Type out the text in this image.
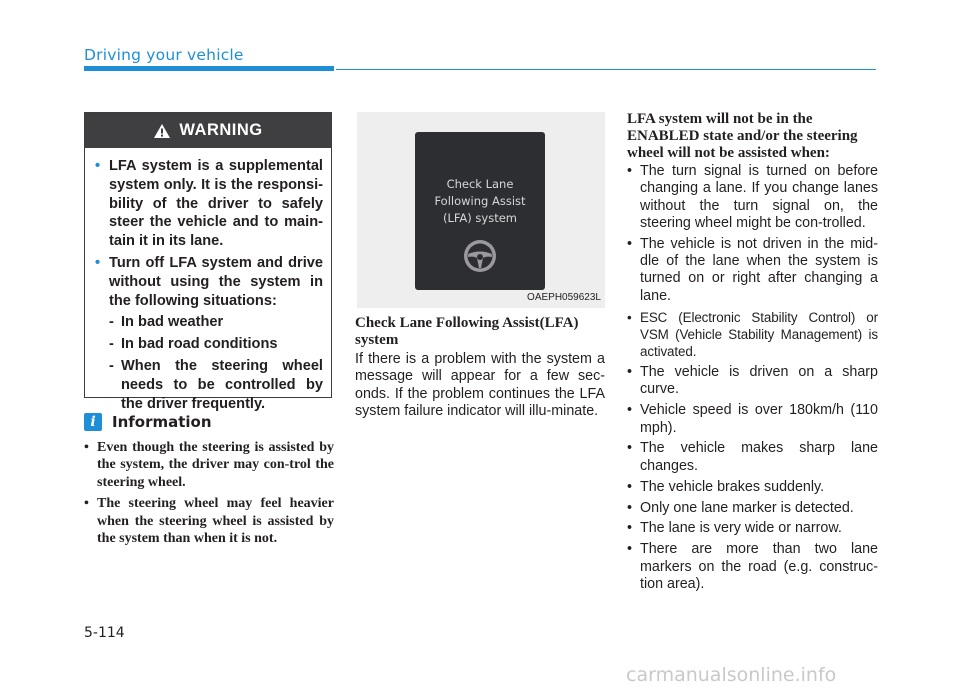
Driving your vehicle
WARNING
• LFA system is a supplemental system only. It is the responsi-bility of the driver to safely steer the vehicle and to main-tain it in its lane.
• Turn off LFA system and drive without using the system in the following situations:
- In bad weather
- In bad road conditions
- When the steering wheel needs to be controlled by the driver frequently.
i	Information
• Even though the steering is assisted by the system, the driver may con-trol the steering wheel.
• The steering wheel may feel heavier when the steering wheel is assisted by the system than when it is not.
Check Lane
Following Assist
(LFA) system
OAEPH059623L
Check Lane Following Assist(LFA) system
If there is a problem with the system a message will appear for a few sec-onds. If the problem continues the LFA system failure indicator will illu-minate.
LFA system will not be in the ENABLED state and/or the steering wheel will not be assisted when:
• The turn signal is turned on before changing a lane. If you change lanes without the turn signal on, the steering wheel might be con-trolled.
• The vehicle is not driven in the mid-dle of the lane when the system is turned on or right after changing a lane.
• ESC (Electronic Stability Control) or VSM (Vehicle Stability Management) is activated.
• The vehicle is driven on a sharp curve.
• Vehicle speed is over 180km/h (110 mph).
• The vehicle makes sharp lane changes.
• The vehicle brakes suddenly.
• Only one lane marker is detected.
• The lane is very wide or narrow.
• There are more than two lane markers on the road (e.g. construc-tion area).
5-114
carmanualsonline.info
